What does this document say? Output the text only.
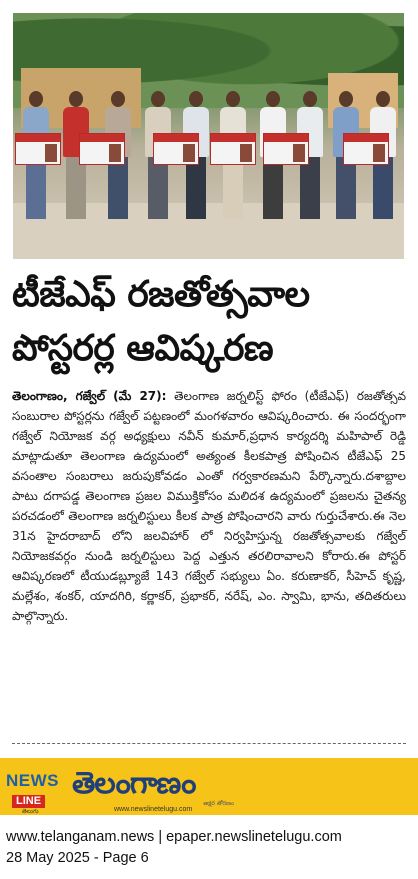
టీజేఎఫ్ రజతోత్సవాల పోస్టరర్ల ఆవిష్కరణ
తెలంగాణం, గజ్వేల్ (మే 27): తెలంగాణ జర్నలిస్ట్ ఫోరం (టీజేఎఫ్) రజతోత్సవ సంబురాల పోస్టర్లను గజ్వేల్ పట్టణంలో మంగళవారం ఆవిష్కరించారు. ఈ సందర్భంగా గజ్వేల్ నియోజక వర్గ అధ్యక్షులు నవీన్ కుమార్,ప్రధాన కార్యదర్శి మహిపాల్ రెడ్డి మాట్లాడుతూ తెలంగాణ ఉద్యమంలో అత్యంత కీలకపాత్ర పోషించిన టీజేఎఫ్ 25 వసంతాల సంబరాలు జరుపుకోవడం ఎంతో గర్వకారణమని పేర్కొన్నారు.దశాబ్దాల పాటు దగాపడ్డ తెలంగాణ ప్రజల విముక్తికోసం మలిదశ ఉద్యమంలో ప్రజలను చైతన్య పరచడంలో తెలంగాణ జర్నలిస్టులు కీలక పాత్ర పోషించారని వారు గుర్తుచేశారు.ఈ నెల 31న హైదరాబాద్ లోని జలవిహార్ లో నిర్వహిస్తున్న రజతోత్సవాలకు గజ్వేల్ నియోజకవర్గం నుండి జర్నలిస్టులు పెద్ద ఎత్తున తరలిరావాలని కోరారు.ఈ పోస్టర్ ఆవిష్కరణలో టీయుడబ్ల్యూజే 143 గజ్వేల్ సభ్యులు ఏం. కరుణాకర్, సీహెచ్ కృష్ణ, మల్లేశం, శంకర్, యాదగిరి, కర్ణాకర్, ప్రభాకర్, నరేష్, ఎం. స్వామి, భాను, తదితరులు పాల్గొన్నారు.
NEWS
LINE
తెలుగు
తెలంగాణం
అక్షర తోరణం
www.newslinetelugu.com
www.telanganam.news | epaper.newslinetelugu.com
28 May 2025 - Page 6
